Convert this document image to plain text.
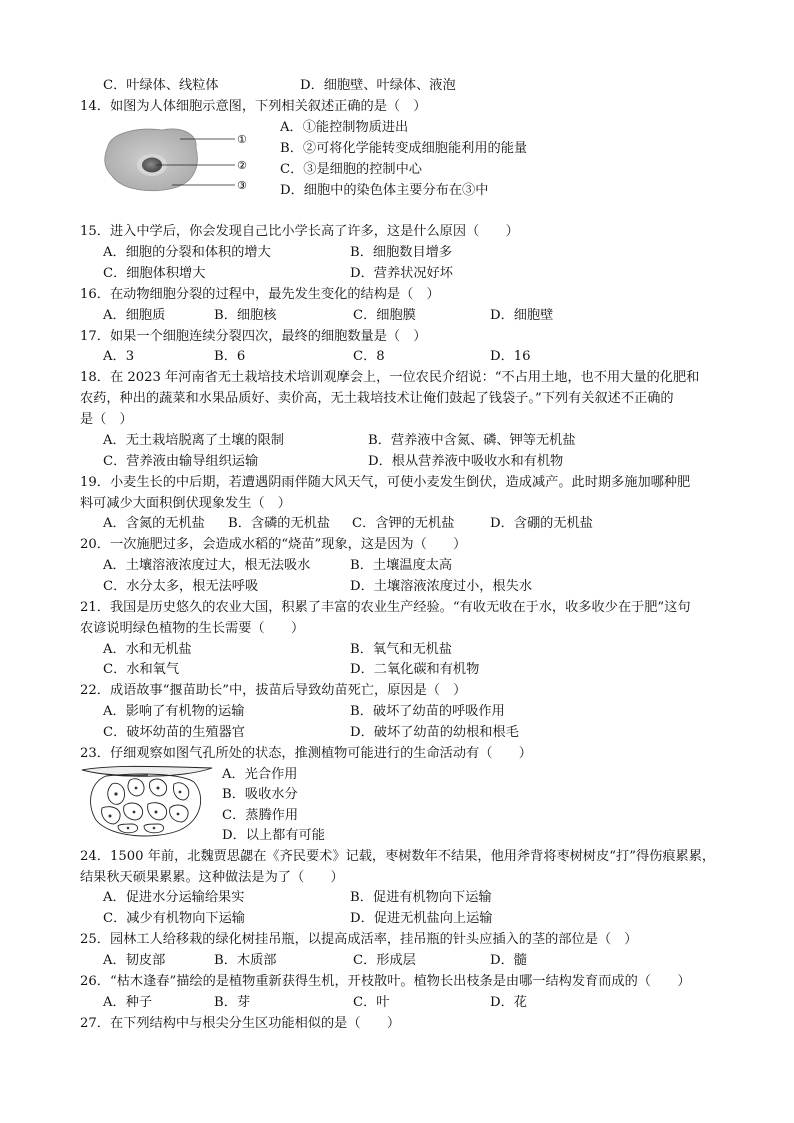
C．叶绿体、线粒体	D．细胞壁、叶绿体、液泡
14．如图为人体细胞示意图，下列相关叙述正确的是（　）
①
②
③
A．①能控制物质进出
B．②可将化学能转变成细胞能利用的能量
C．③是细胞的控制中心
D．细胞中的染色体主要分布在③中
15．进入中学后，你会发现自己比小学长高了许多，这是什么原因（　　）
A．细胞的分裂和体积的增大	B．细胞数目增多
C．细胞体积增大	D．营养状况好坏
16．在动物细胞分裂的过程中，最先发生变化的结构是（　）
A．细胞质	B．细胞核	C．细胞膜	D．细胞壁
17．如果一个细胞连续分裂四次，最终的细胞数量是（　）
A．3	B．6	C．8	D．16
18．在 2023 年河南省无土栽培技术培训观摩会上，一位农民介绍说：“不占用土地，也不用大量的化肥和
农药，种出的蔬菜和水果品质好、卖价高，无土栽培技术让俺们鼓起了钱袋子。”下列有关叙述不正确的
是（　）
A．无土栽培脱离了土壤的限制	B．营养液中含氮、磷、钾等无机盐
C．营养液由输导组织运输	D．根从营养液中吸收水和有机物
19．小麦生长的中后期，若遭遇阴雨伴随大风天气，可使小麦发生倒伏，造成减产。此时期多施加哪种肥
料可减少大面积倒伏现象发生（　）
A．含氮的无机盐 B．含磷的无机盐 C．含钾的无机盐	D．含硼的无机盐
20．一次施肥过多，会造成水稻的“烧苗”现象，这是因为（　　）
A．土壤溶液浓度过大，根无法吸水	B．土壤温度太高
C．水分太多，根无法呼吸	D．土壤溶液浓度过小，根失水
21．我国是历史悠久的农业大国，积累了丰富的农业生产经验。“有收无收在于水，收多收少在于肥”这句
农谚说明绿色植物的生长需要（　　）
A．水和无机盐	B．氧气和无机盐
C．水和氧气	D．二氧化碳和有机物
22．成语故事“揠苗助长”中，拔苗后导致幼苗死亡，原因是（　）
A．影响了有机物的运输	B．破坏了幼苗的呼吸作用
C．破坏幼苗的生殖器官	D．破坏了幼苗的幼根和根毛
23．仔细观察如图气孔所处的状态，推测植物可能进行的生命活动有（　　）
A．光合作用
B．吸收水分
C．蒸腾作用
D．以上都有可能
24．1500 年前，北魏贾思勰在《齐民要术》记载，枣树数年不结果，他用斧背将枣树树皮“打”得伤痕累累，
结果秋天硕果累累。这种做法是为了（　　）
A．促进水分运输给果实	B．促进有机物向下运输
C．减少有机物向下运输	D．促进无机盐向上运输
25．园林工人给移栽的绿化树挂吊瓶，以提高成活率，挂吊瓶的针头应插入的茎的部位是（　）
A．韧皮部	B．木质部	C．形成层	D．髓
26．“枯木逢春”描绘的是植物重新获得生机，开枝散叶。植物长出枝条是由哪一结构发育而成的（　　）
A．种子	B．芽	C．叶	D．花
27．在下列结构中与根尖分生区功能相似的是（　　）
